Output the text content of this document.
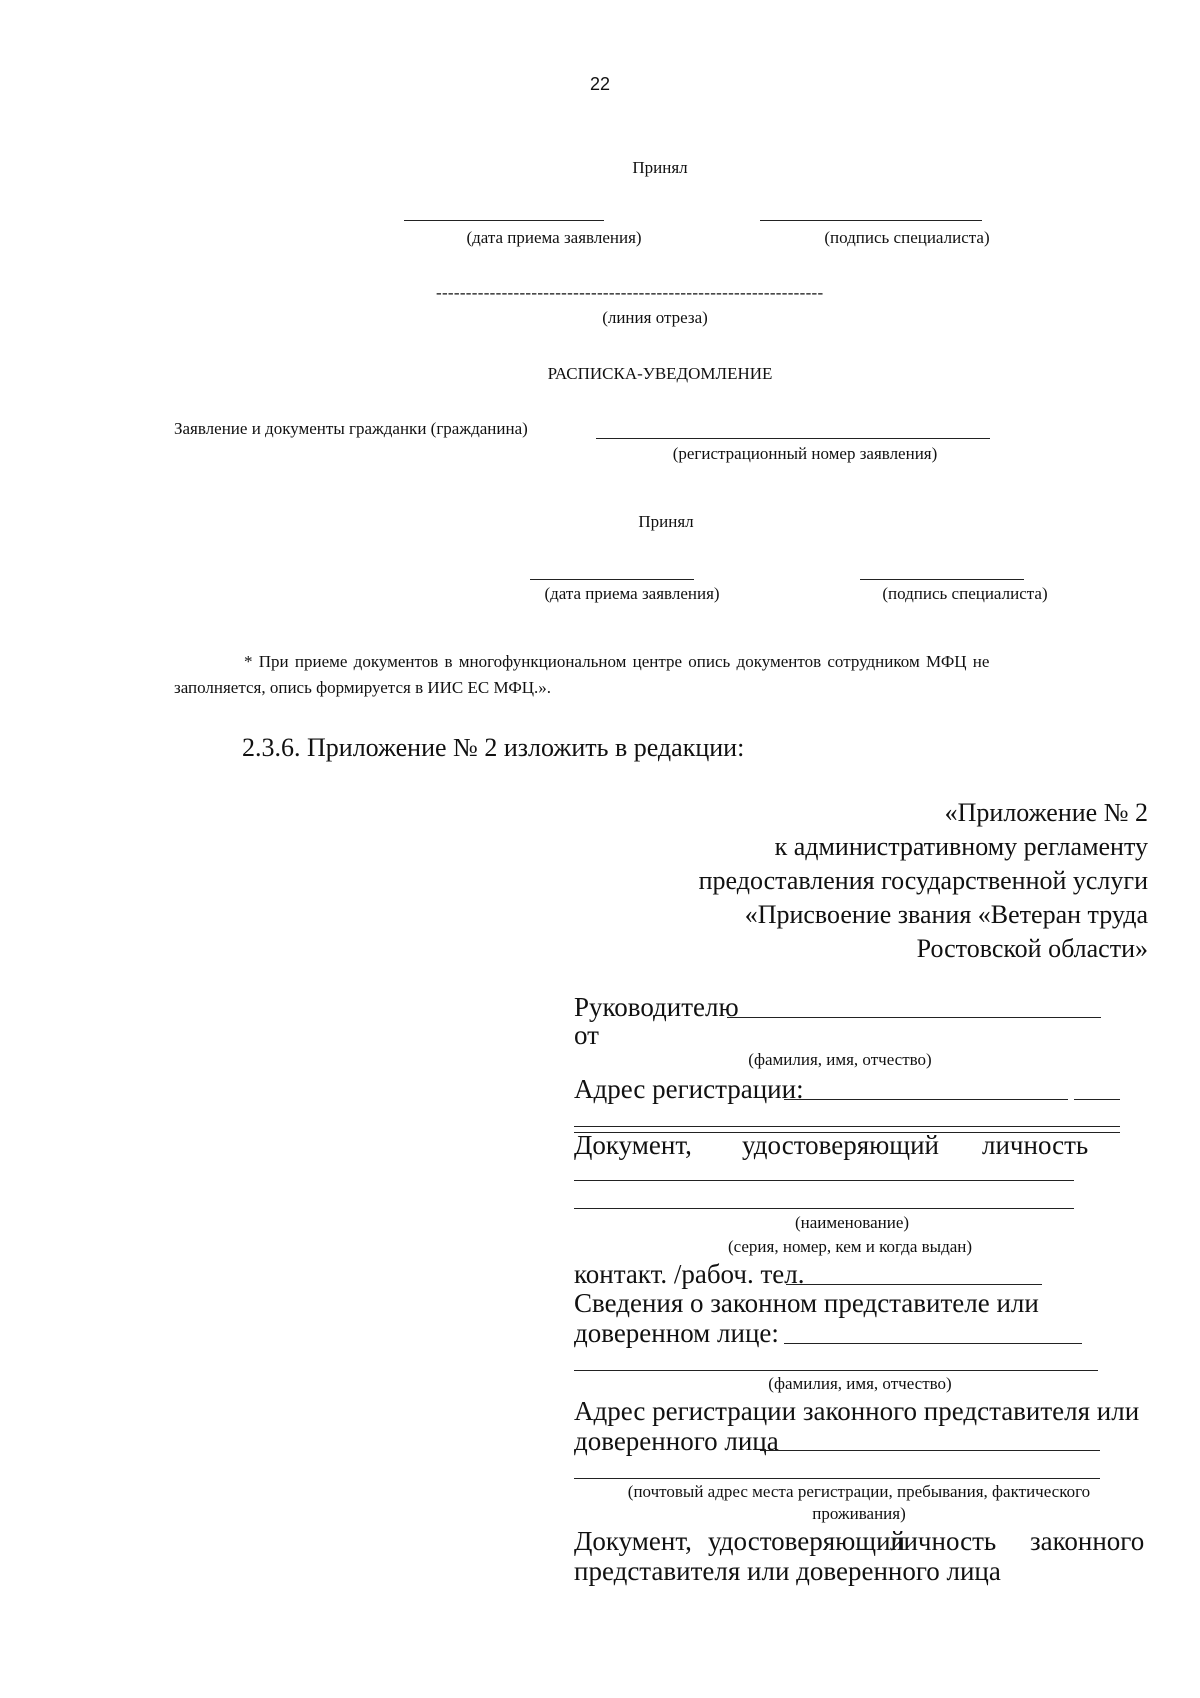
22
Принял
(дата приема заявления)	(подпись специалиста)
-----------------------------------------------------------------
(линия отреза)
РАСПИСКА-УВЕДОМЛЕНИЕ
Заявление и документы гражданки (гражданина)
(регистрационный номер заявления)
Принял
(дата приема заявления)	(подпись специалиста)
* При приеме документов в многофункциональном центре опись документов сотрудником МФЦ не
заполняется, опись формируется в ИИС ЕС МФЦ.».
2.3.6. Приложение № 2 изложить в редакции:
«Приложение № 2
к административному регламенту
предоставления государственной услуги
«Присвоение звания «Ветеран труда
Ростовской области»
Руководителю
от
(фамилия, имя, отчество)
Адрес регистрации:
Документ, удостоверяющий личность
(наименование)
(серия, номер, кем и когда выдан)
контакт. /рабоч. тел.
Сведения о законном представителе или
доверенном лице:
(фамилия, имя, отчество)
Адрес регистрации законного представителя или
доверенного лица
(почтовый адрес места регистрации, пребывания, фактического
проживания)
Документ, удостоверяющий
личность законного
представителя или доверенного лица
